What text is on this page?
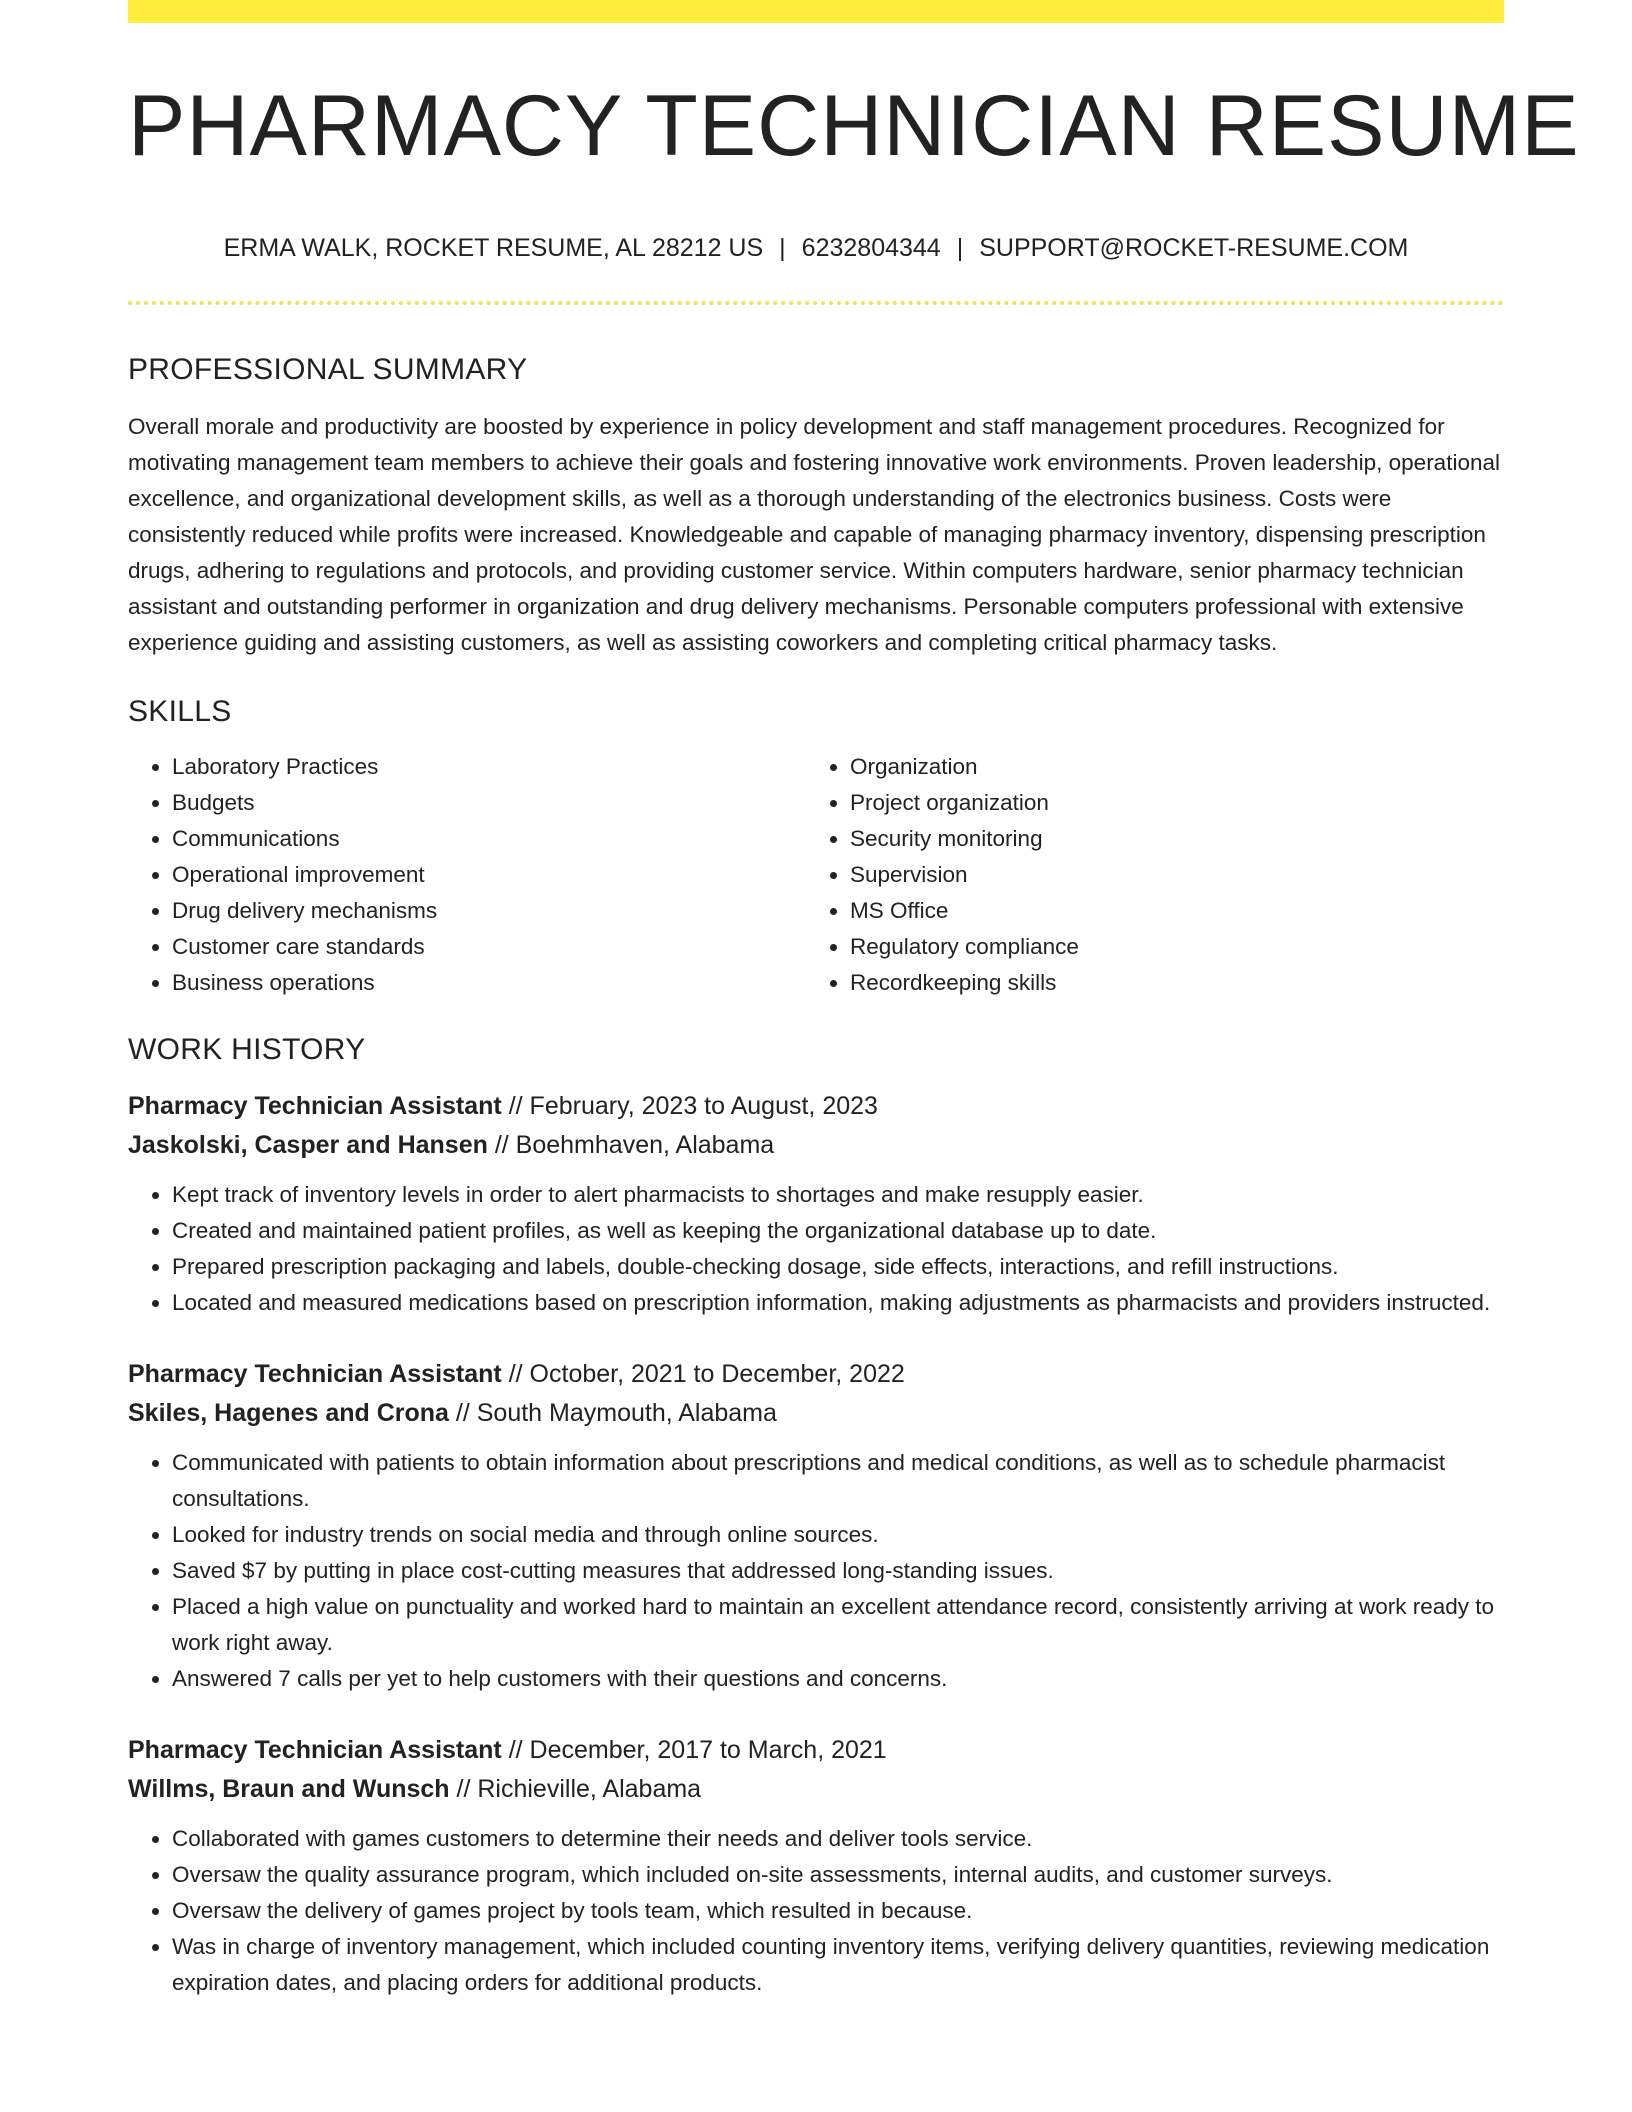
PHARMACY TECHNICIAN RESUME
ERMA WALK, ROCKET RESUME, AL 28212 US | 6232804344 | SUPPORT@ROCKET-RESUME.COM
PROFESSIONAL SUMMARY

Overall morale and productivity are boosted by experience in policy development and staff management procedures. Recognized for motivating management team members to achieve their goals and fostering innovative work environments. Proven leadership, operational excellence, and organizational development skills, as well as a thorough understanding of the electronics business. Costs were consistently reduced while profits were increased. Knowledgeable and capable of managing pharmacy inventory, dispensing prescription drugs, adhering to regulations and protocols, and providing customer service. Within computers hardware, senior pharmacy technician assistant and outstanding performer in organization and drug delivery mechanisms. Personable computers professional with extensive experience guiding and assisting customers, as well as assisting coworkers and completing critical pharmacy tasks.

SKILLS
• Laboratory Practices
• Budgets
• Communications
• Operational improvement
• Drug delivery mechanisms
• Customer care standards
• Business operations
• Organization
• Project organization
• Security monitoring
• Supervision
• MS Office
• Regulatory compliance
• Recordkeeping skills
WORK HISTORY
Pharmacy Technician Assistant // February, 2023 to August, 2023
Jaskolski, Casper and Hansen // Boehmhaven, Alabama
• Kept track of inventory levels in order to alert pharmacists to shortages and make resupply easier.
• Created and maintained patient profiles, as well as keeping the organizational database up to date.
• Prepared prescription packaging and labels, double-checking dosage, side effects, interactions, and refill instructions.
• Located and measured medications based on prescription information, making adjustments as pharmacists and providers instructed.
Pharmacy Technician Assistant // October, 2021 to December, 2022
Skiles, Hagenes and Crona // South Maymouth, Alabama
• Communicated with patients to obtain information about prescriptions and medical conditions, as well as to schedule pharmacist consultations.
• Looked for industry trends on social media and through online sources.
• Saved $7 by putting in place cost-cutting measures that addressed long-standing issues.
• Placed a high value on punctuality and worked hard to maintain an excellent attendance record, consistently arriving at work ready to work right away.
• Answered 7 calls per yet to help customers with their questions and concerns.
Pharmacy Technician Assistant // December, 2017 to March, 2021
Willms, Braun and Wunsch // Richieville, Alabama
• Collaborated with games customers to determine their needs and deliver tools service.
• Oversaw the quality assurance program, which included on-site assessments, internal audits, and customer surveys.
• Oversaw the delivery of games project by tools team, which resulted in because.
• Was in charge of inventory management, which included counting inventory items, verifying delivery quantities, reviewing medication expiration dates, and placing orders for additional products.
